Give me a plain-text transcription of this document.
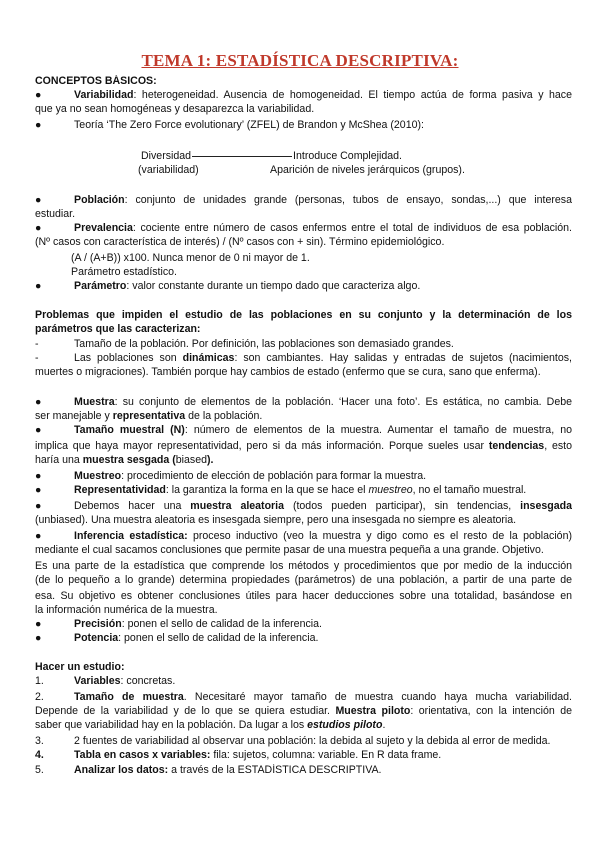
TEMA 1: ESTADÍSTICA DESCRIPTIVA:
CONCEPTOS BÁSICOS:
●	Variabilidad: heterogeneidad. Ausencia de homogeneidad. El tiempo actúa de forma pasiva y hace
que ya no sean homogéneas y desaparezca la variabilidad.
●	Teoría ‘The Zero Force evolutionary’ (ZFEL) de Brandon y McShea (2010):
Diversidad	Introduce Complejidad.
(variabilidad)	Aparición de niveles jerárquicos (grupos).
●	Población: conjunto de unidades grande (personas, tubos de ensayo, sondas,...) que interesa
estudiar.
●	Prevalencia: cociente entre número de casos enfermos entre el total de individuos de esa población.
(Nº casos con característica de interés) / (Nº casos con + sin). Término epidemiológico.
(A / (A+B)) x100. Nunca menor de 0 ni mayor de 1.
Parámetro estadístico.
●	Parámetro: valor constante durante un tiempo dado que caracteriza algo.
Problemas que impiden el estudio de las poblaciones en su conjunto y la determinación de los
parámetros que las caracterizan:
-	Tamaño de la población. Por definición, las poblaciones son demasiado grandes.
-	Las poblaciones son dinámicas: son cambiantes. Hay salidas y entradas de sujetos (nacimientos,
muertes o migraciones). También porque hay cambios de estado (enfermo que se cura, sano que enferma).
●	Muestra: su conjunto de elementos de la población. ‘Hacer una foto’. Es estática, no cambia. Debe
ser manejable y representativa de la población.
●	Tamaño muestral (N): número de elementos de la muestra. Aumentar el tamaño de muestra, no
implica que haya mayor representatividad, pero si da más información. Porque sueles usar tendencias, esto
haría una muestra sesgada (biased).
●	Muestreo: procedimiento de elección de población para formar la muestra.
●	Representatividad: la garantiza la forma en la que se hace el muestreo, no el tamaño muestral.
●	Debemos hacer una muestra aleatoria (todos pueden participar), sin tendencias, insesgada
(unbiased). Una muestra aleatoria es insesgada siempre, pero una insesgada no siempre es aleatoria.
●	Inferencia estadística: proceso inductivo (veo la muestra y digo como es el resto de la población)
mediante el cual sacamos conclusiones que permite pasar de una muestra pequeña a una grande. Objetivo.
Es una parte de la estadística que comprende los métodos y procedimientos que por medio de la inducción
(de lo pequeño a lo grande) determina propiedades (parámetros) de una población, a partir de una parte de
esa. Su objetivo es obtener conclusiones útiles para hacer deducciones sobre una totalidad, basándose en
la información numérica de la muestra.
●	Precisión: ponen el sello de calidad de la inferencia.
●	Potencia: ponen el sello de calidad de la inferencia.
Hacer un estudio:
1.	Variables: concretas.
2.	Tamaño de muestra. Necesitaré mayor tamaño de muestra cuando haya mucha variabilidad.
Depende de la variabilidad y de lo que se quiera estudiar. Muestra piloto: orientativa, con la intención de
saber que variabilidad hay en la población. Da lugar a los estudios piloto.
3.	2 fuentes de variabilidad al observar una población: la debida al sujeto y la debida al error de medida.
4.	Tabla en casos x variables: fila: sujetos, columna: variable. En R data frame.
5.	Analizar los datos: a través de la ESTADÍSTICA DESCRIPTIVA.
